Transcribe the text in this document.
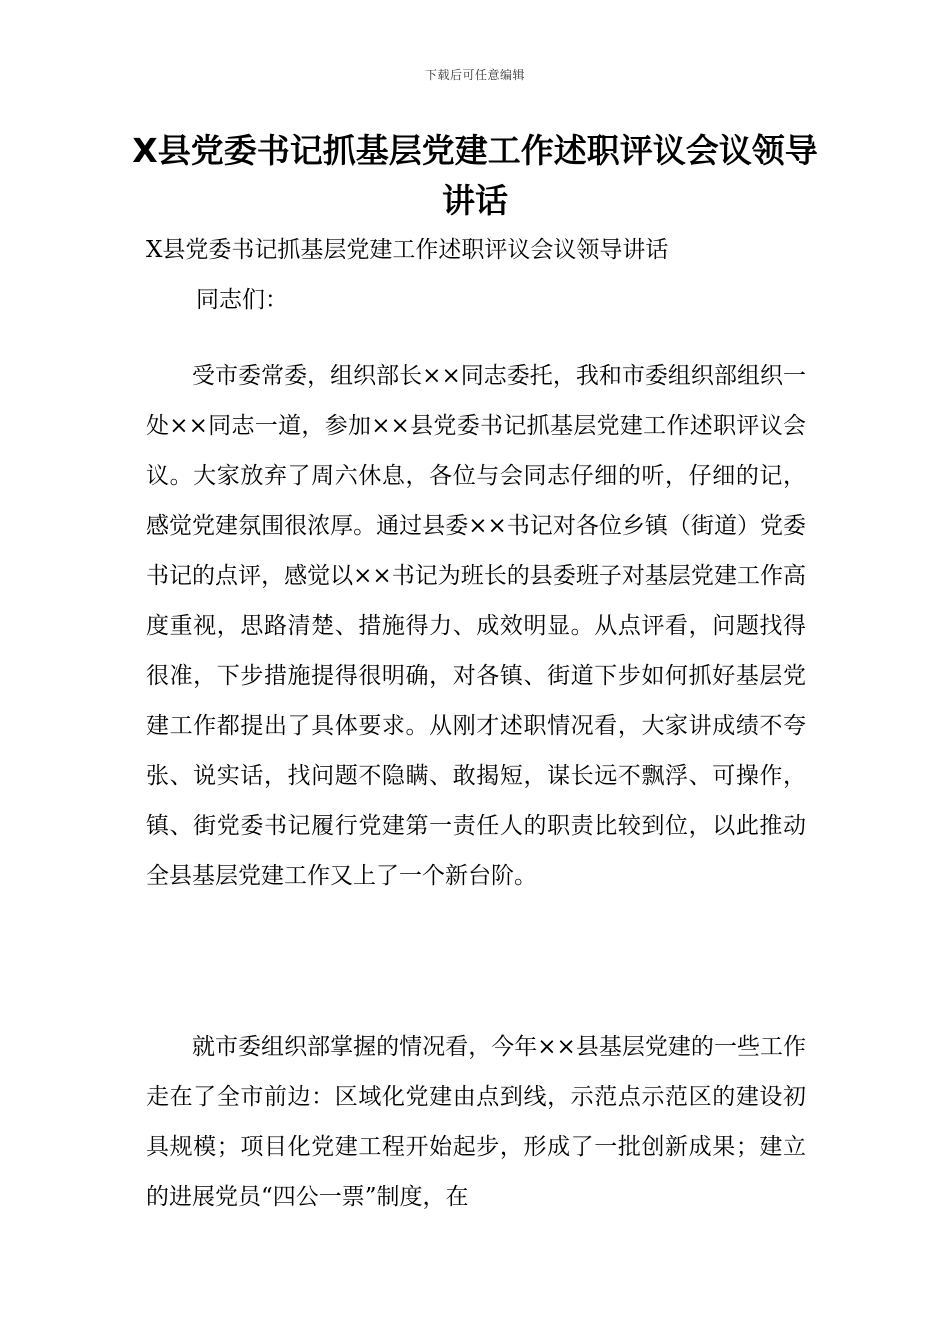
下载后可任意编辑
X县党委书记抓基层党建工作述职评议会议领导讲话
X县党委书记抓基层党建工作述职评议会议领导讲话
同志们：

受市委常委，组织部长××同志委托，我和市委组织部组织一处××同志一道，参加××县党委书记抓基层党建工作述职评议会议。大家放弃了周六休息，各位与会同志仔细的听，仔细的记，感觉党建氛围很浓厚。通过县委××书记对各位乡镇（街道）党委书记的点评，感觉以××书记为班长的县委班子对基层党建工作高度重视，思路清楚、措施得力、成效明显。从点评看，问题找得很准，下步措施提得很明确，对各镇、街道下步如何抓好基层党建工作都提出了具体要求。从刚才述职情况看，大家讲成绩不夸张、说实话，找问题不隐瞒、敢揭短，谋长远不飘浮、可操作，镇、街党委书记履行党建第一责任人的职责比较到位，以此推动全县基层党建工作又上了一个新台阶。

就市委组织部掌握的情况看，今年××县基层党建的一些工作走在了全市前边：区域化党建由点到线，示范点示范区的建设初具规模；项目化党建工程开始起步，形成了一批创新成果；建立的进展党员“四公一票”制度，在
